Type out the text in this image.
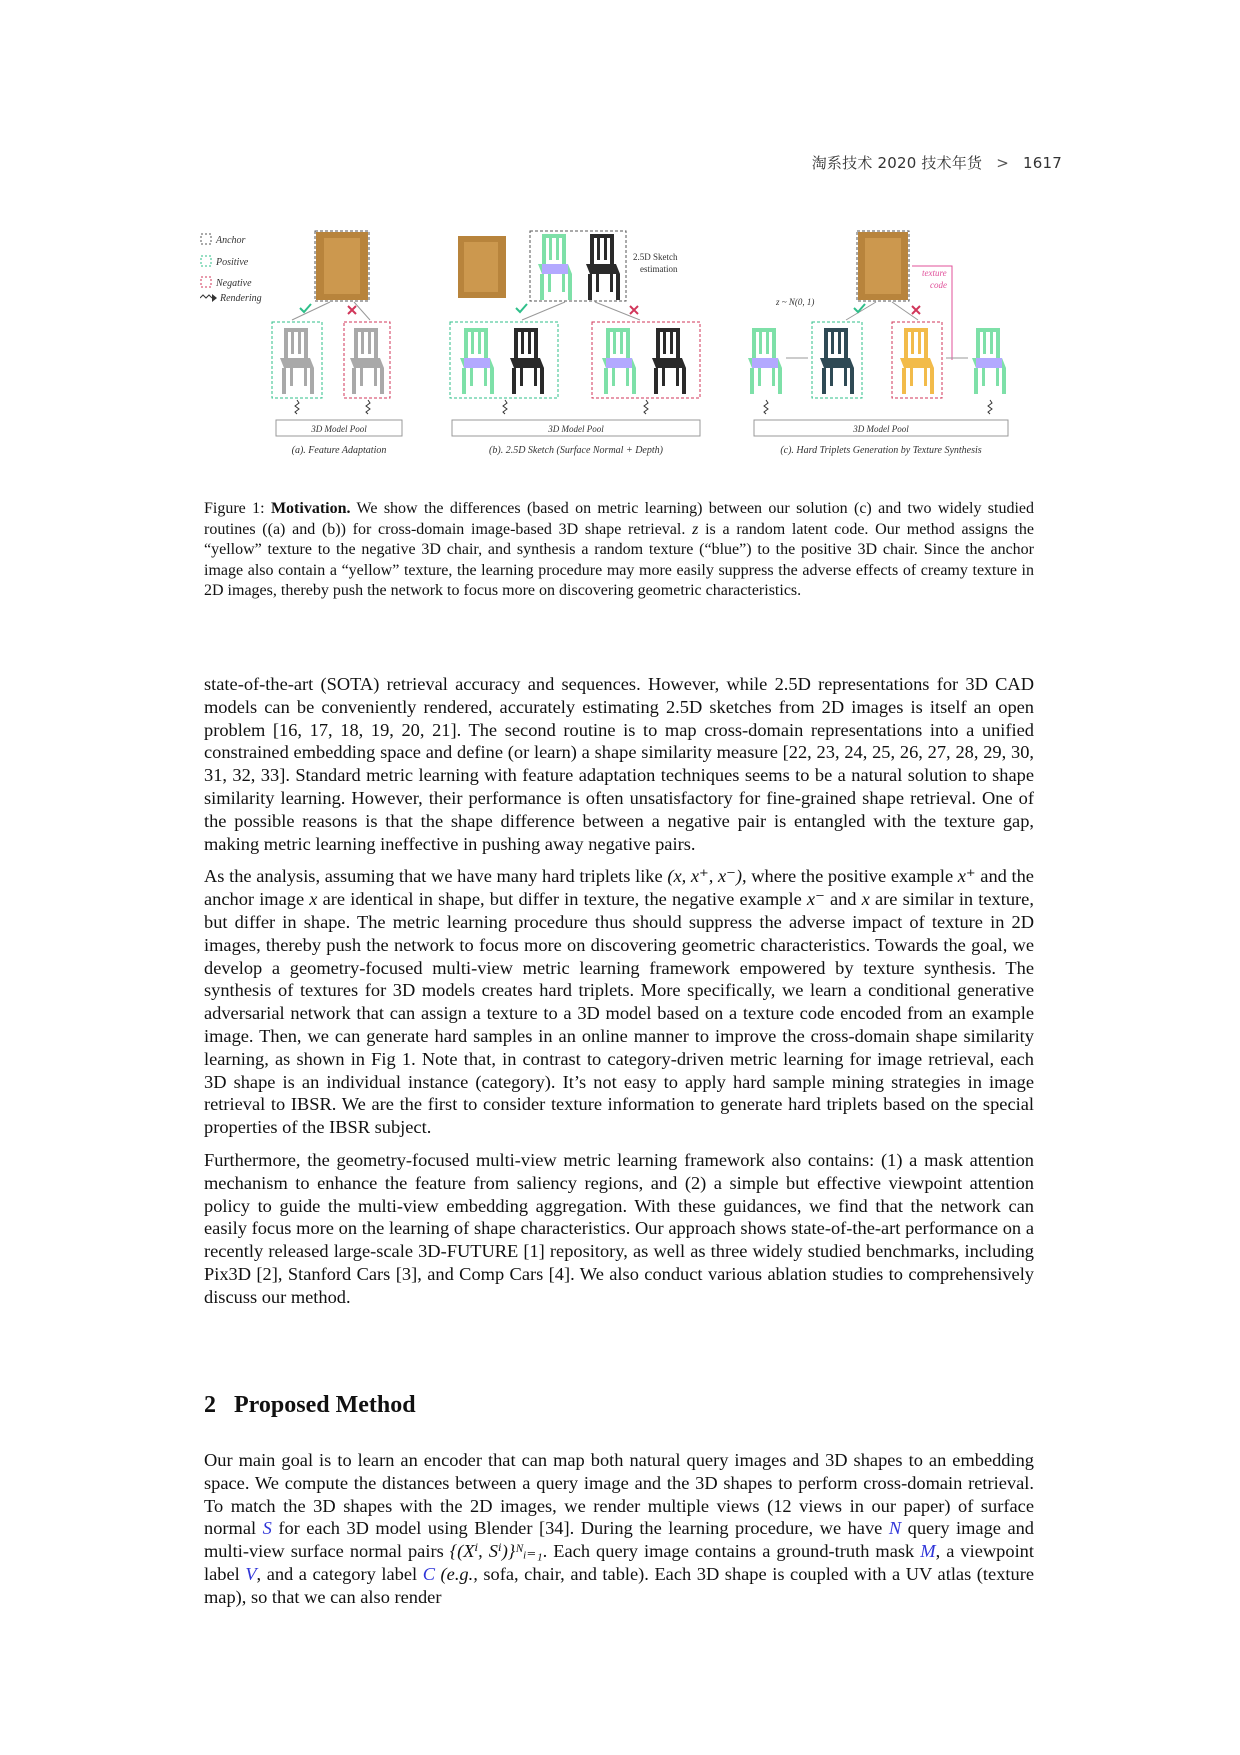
淘系技术 2020 技术年货 > 1617
Anchor
Positive
Negative
Rendering
3D Model Pool
(a). Feature Adaptation
2.5D Sketch
estimation
3D Model Pool
(b). 2.5D Sketch (Surface Normal + Depth)
texture
code
z ~ N(0, 1)
3D Model Pool
(c). Hard Triplets Generation by Texture Synthesis
Figure 1: Motivation. We show the differences (based on metric learning) between our solution (c) and two widely studied routines ((a) and (b)) for cross-domain image-based 3D shape retrieval. z is a random latent code. Our method assigns the “yellow” texture to the negative 3D chair, and synthesis a random texture (“blue”) to the positive 3D chair. Since the anchor image also contain a “yellow” texture, the learning procedure may more easily suppress the adverse effects of creamy texture in 2D images, thereby push the network to focus more on discovering geometric characteristics.

state-of-the-art (SOTA) retrieval accuracy and sequences. However, while 2.5D representations for 3D CAD models can be conveniently rendered, accurately estimating 2.5D sketches from 2D images is itself an open problem [16, 17, 18, 19, 20, 21]. The second routine is to map cross-domain representations into a unified constrained embedding space and define (or learn) a shape similarity measure [22, 23, 24, 25, 26, 27, 28, 29, 30, 31, 32, 33]. Standard metric learning with feature adaptation techniques seems to be a natural solution to shape similarity learning. However, their performance is often unsatisfactory for fine-grained shape retrieval. One of the possible reasons is that the shape difference between a negative pair is entangled with the texture gap, making metric learning ineffective in pushing away negative pairs.

As the analysis, assuming that we have many hard triplets like (x, x⁺, x⁻), where the positive example x⁺ and the anchor image x are identical in shape, but differ in texture, the negative example x⁻ and x are similar in texture, but differ in shape. The metric learning procedure thus should suppress the adverse impact of texture in 2D images, thereby push the network to focus more on discovering geometric characteristics. Towards the goal, we develop a geometry-focused multi-view metric learning framework empowered by texture synthesis. The synthesis of textures for 3D models creates hard triplets. More specifically, we learn a conditional generative adversarial network that can assign a texture to a 3D model based on a texture code encoded from an example image. Then, we can generate hard samples in an online manner to improve the cross-domain shape similarity learning, as shown in Fig 1. Note that, in contrast to category-driven metric learning for image retrieval, each 3D shape is an individual instance (category). It’s not easy to apply hard sample mining strategies in image retrieval to IBSR. We are the first to consider texture information to generate hard triplets based on the special properties of the IBSR subject.

Furthermore, the geometry-focused multi-view metric learning framework also contains: (1) a mask attention mechanism to enhance the feature from saliency regions, and (2) a simple but effective viewpoint attention policy to guide the multi-view embedding aggregation. With these guidances, we find that the network can easily focus more on the learning of shape characteristics. Our approach shows state-of-the-art performance on a recently released large-scale 3D-FUTURE [1] repository, as well as three widely studied benchmarks, including Pix3D [2], Stanford Cars [3], and Comp Cars [4]. We also conduct various ablation studies to comprehensively discuss our method.

2 Proposed Method

Our main goal is to learn an encoder that can map both natural query images and 3D shapes to an embedding space. We compute the distances between a query image and the 3D shapes to perform cross-domain retrieval. To match the 3D shapes with the 2D images, we render multiple views (12 views in our paper) of surface normal S for each 3D model using Blender [34]. During the learning procedure, we have N query image and multi-view surface normal pairs {(Xⁱ, Sⁱ)}ᴺᵢ₌₁. Each query image contains a ground-truth mask M, a viewpoint label V, and a category label C (e.g., sofa, chair, and table). Each 3D shape is coupled with a UV atlas (texture map), so that we can also render
